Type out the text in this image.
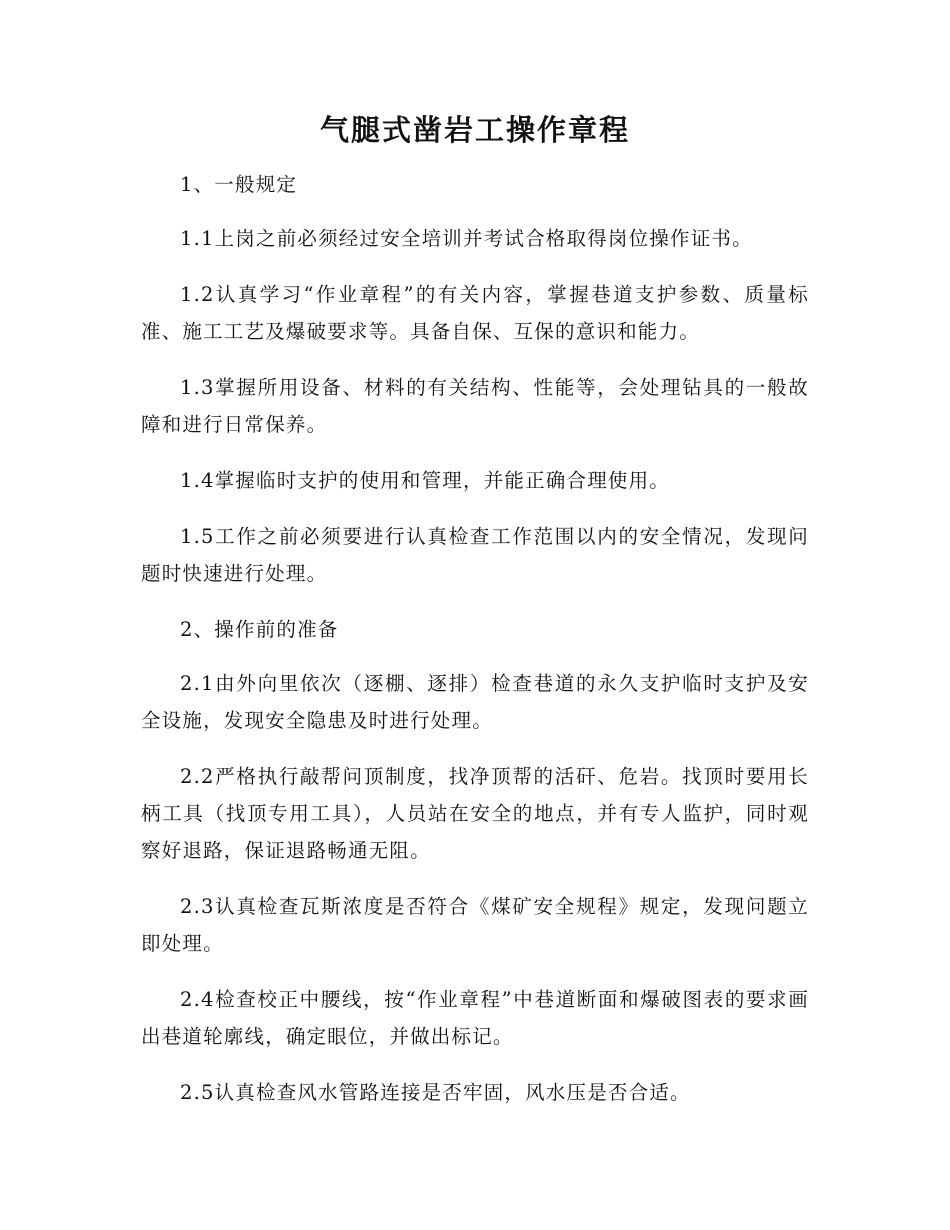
气腿式凿岩工操作章程

1、一般规定

1.1上岗之前必须经过安全培训并考试合格取得岗位操作证书。

1.2认真学习“作业章程”的有关内容，掌握巷道支护参数、质量标准、施工工艺及爆破要求等。具备自保、互保的意识和能力。

1.3掌握所用设备、材料的有关结构、性能等，会处理钻具的一般故障和进行日常保养。

1.4掌握临时支护的使用和管理，并能正确合理使用。

1.5工作之前必须要进行认真检查工作范围以内的安全情况，发现问题时快速进行处理。

2、操作前的准备

2.1由外向里依次（逐棚、逐排）检查巷道的永久支护临时支护及安全设施，发现安全隐患及时进行处理。

2.2严格执行敲帮问顶制度，找净顶帮的活矸、危岩。找顶时要用长柄工具（找顶专用工具），人员站在安全的地点，并有专人监护，同时观察好退路，保证退路畅通无阻。

2.3认真检查瓦斯浓度是否符合《煤矿安全规程》规定，发现问题立即处理。

2.4检查校正中腰线，按“作业章程”中巷道断面和爆破图表的要求画出巷道轮廓线，确定眼位，并做出标记。

2.5认真检查风水管路连接是否牢固，风水压是否合适。
